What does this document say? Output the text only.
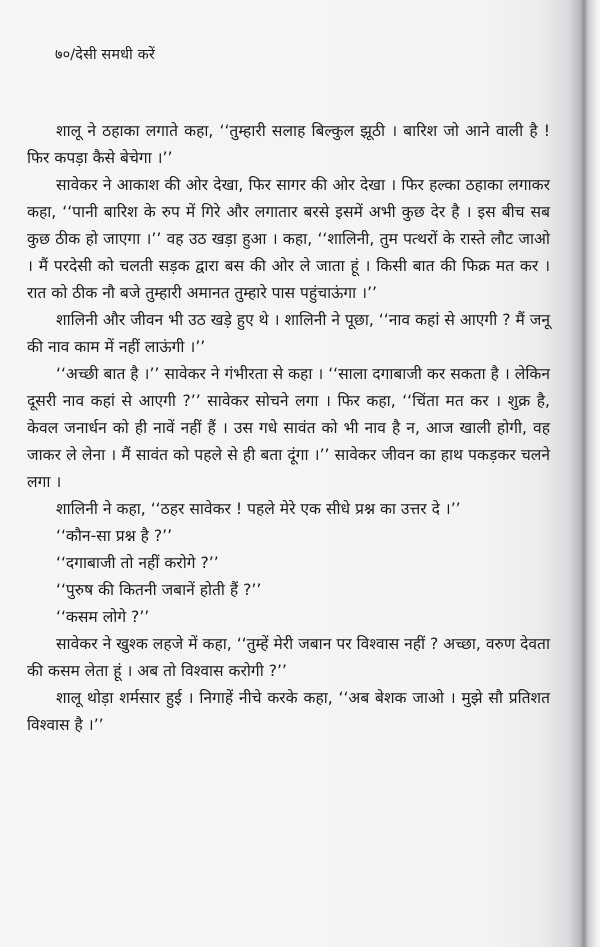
७०/देसी समधी करें

शालू ने ठहाका लगाते कहा, ‘‘तुम्हारी सलाह बिल्कुल झूठी । बारिश जो आने वाली है ! फिर कपड़ा कैसे बेचेगा ।’’

सावेकर ने आकाश की ओर देखा, फिर सागर की ओर देखा । फिर हल्का ठहाका लगाकर कहा, ‘‘पानी बारिश के रुप में गिरे और लगातार बरसे इसमें अभी कुछ देर है । इस बीच सब कुछ ठीक हो जाएगा ।’’ वह उठ खड़ा हुआ । कहा, ‘‘शालिनी, तुम पत्थरों के रास्ते लौट जाओ । मैं परदेसी को चलती सड़क द्वारा बस की ओर ले जाता हूं । किसी बात की फिक्र मत कर । रात को ठीक नौ बजे तुम्हारी अमानत तुम्हारे पास पहुंचाऊंगा ।’’

शालिनी और जीवन भी उठ खड़े हुए थे । शालिनी ने पूछा, ‘‘नाव कहां से आएगी ? मैं जनू की नाव काम में नहीं लाऊंगी ।’’

‘‘अच्छी बात है ।’’ सावेकर ने गंभीरता से कहा । ‘‘साला दगाबाजी कर सकता है । लेकिन दूसरी नाव कहां से आएगी ?’’ सावेकर सोचने लगा । फिर कहा, ‘‘चिंता मत कर । शुक्र है, केवल जनार्धन को ही नावें नहीं हैं । उस गधे सावंत को भी नाव है न, आज खाली होगी, वह जाकर ले लेना । मैं सावंत को पहले से ही बता दूंगा ।’’ सावेकर जीवन का हाथ पकड़कर चलने लगा ।

शालिनी ने कहा, ‘‘ठहर सावेकर ! पहले मेरे एक सीधे प्रश्न का उत्तर दे ।’’

‘‘कौन-सा प्रश्न है ?’’

‘‘दगाबाजी तो नहीं करोगे ?’’

‘‘पुरुष की कितनी जबानें होती हैं ?’’

‘‘कसम लोगे ?’’

सावेकर ने खुश्क लहजे में कहा, ‘‘तुम्हें मेरी जबान पर विश्वास नहीं ? अच्छा, वरुण देवता की कसम लेता हूं । अब तो विश्वास करोगी ?’’

शालू थोड़ा शर्मसार हुई । निगाहें नीचे करके कहा, ‘‘अब बेशक जाओ । मुझे सौ प्रतिशत विश्वास है ।’’
